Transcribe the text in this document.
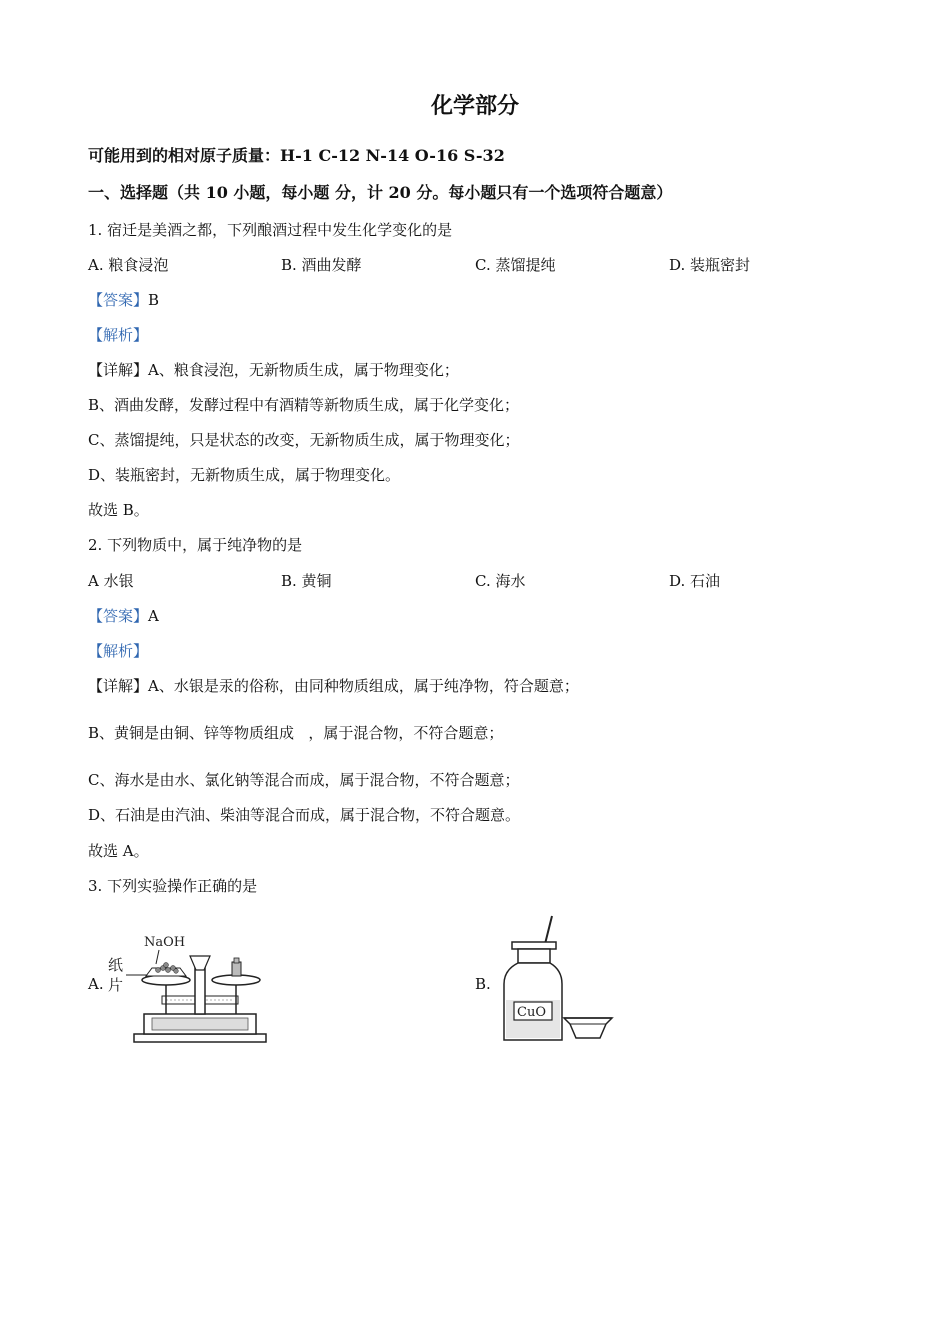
化学部分
可能用到的相对原子质量：H-1 C-12 N-14 O-16 S-32
一、选择题（共 10 小题，每小题 分，计 20 分。每小题只有一个选项符合题意）
1. 宿迁是美酒之都，下列酿酒过程中发生化学变化的是
A. 粮食浸泡	B. 酒曲发酵	C. 蒸馏提纯	D. 装瓶密封
【答案】B
【解析】
【详解】A、粮食浸泡，无新物质生成，属于物理变化；
B、酒曲发酵，发酵过程中有酒精等新物质生成，属于化学变化；
C、蒸馏提纯，只是状态的改变，无新物质生成，属于物理变化；
D、装瓶密封，无新物质生成，属于物理变化。
故选 B。
2. 下列物质中，属于纯净物的是
A 水银	B. 黄铜	C. 海水	D. 石油
【答案】A
【解析】
【详解】A、水银是汞的俗称，由同种物质组成，属于纯净物，符合题意；
B、黄铜是由铜、锌等物质组成   ，属于混合物，不符合题意；
C、海水是由水、氯化钠等混合而成，属于混合物，不符合题意；
D、石油是由汽油、柴油等混合而成，属于混合物，不符合题意。
故选 A。
3. 下列实验操作正确的是
A.	B.
NaOH
纸
片
CuO
